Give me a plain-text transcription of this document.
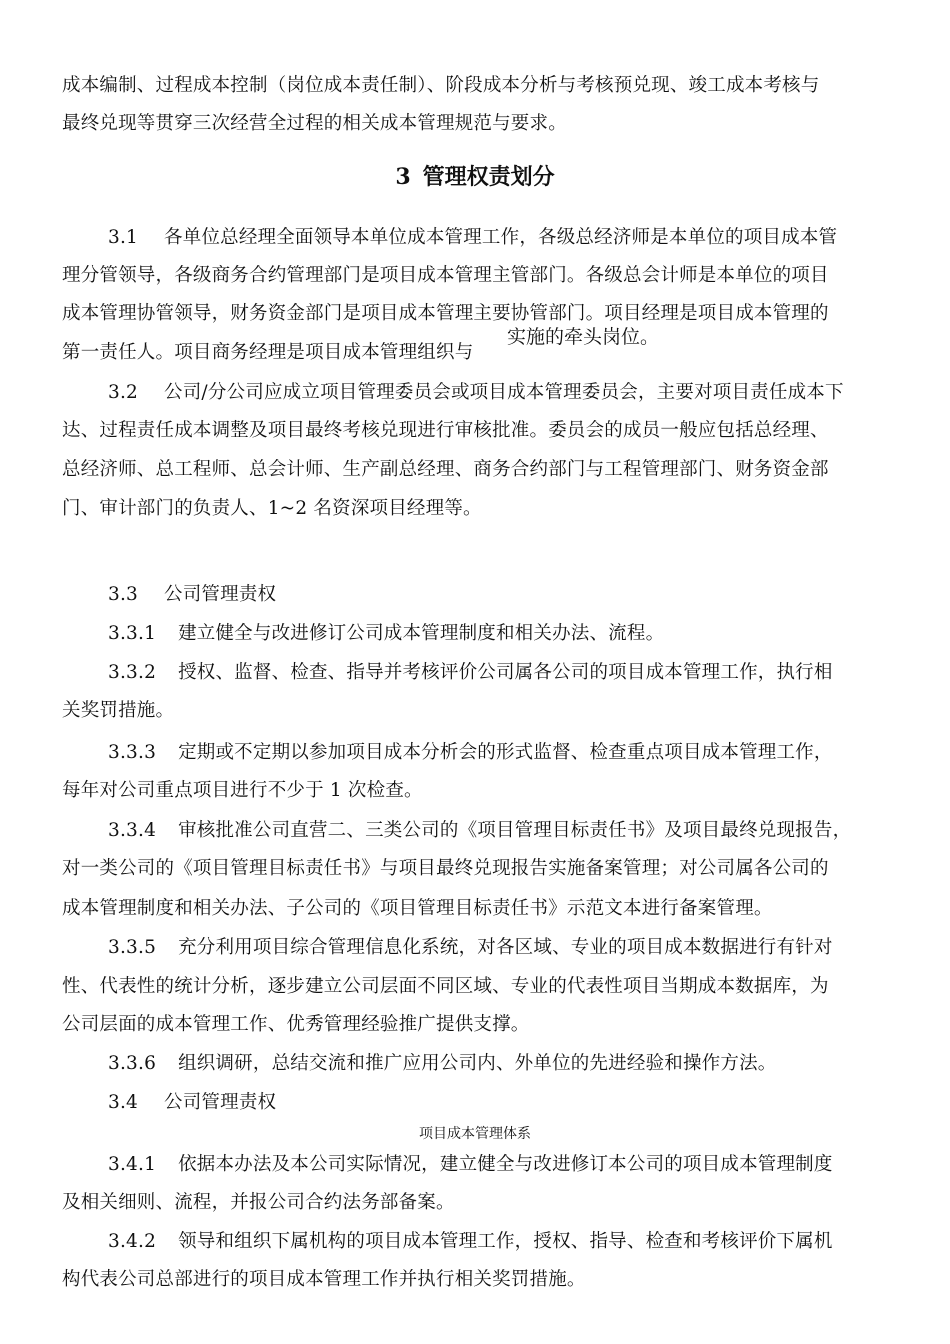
成本编制、过程成本控制（岗位成本责任制）、阶段成本分析与考核预兑现、竣工成本考核与
最终兑现等贯穿三次经营全过程的相关成本管理规范与要求。
3 管理权责划分
3.1 各单位总经理全面领导本单位成本管理工作，各级总经济师是本单位的项目成本管
理分管领导，各级商务合约管理部门是项目成本管理主管部门。各级总会计师是本单位的项目
成本管理协管领导，财务资金部门是项目成本管理主要协管部门。项目经理是项目成本管理的
第一责任人。项目商务经理是项目成本管理组织与
实施的牵头岗位。
3.2 公司/分公司应成立项目管理委员会或项目成本管理委员会，主要对项目责任成本下
达、过程责任成本调整及项目最终考核兑现进行审核批准。委员会的成员一般应包括总经理、
总经济师、总工程师、总会计师、生产副总经理、商务合约部门与工程管理部门、财务资金部
门、审计部门的负责人、1~2 名资深项目经理等。
3.3 公司管理责权
3.3.1 建立健全与改进修订公司成本管理制度和相关办法、流程。
3.3.2 授权、监督、检查、指导并考核评价公司属各公司的项目成本管理工作，执行相
关奖罚措施。
3.3.3 定期或不定期以参加项目成本分析会的形式监督、检查重点项目成本管理工作，
每年对公司重点项目进行不少于 1 次检查。
3.3.4 审核批准公司直营二、三类公司的《项目管理目标责任书》及项目最终兑现报告，
对一类公司的《项目管理目标责任书》与项目最终兑现报告实施备案管理；对公司属各公司的
成本管理制度和相关办法、子公司的《项目管理目标责任书》示范文本进行备案管理。
3.3.5 充分利用项目综合管理信息化系统，对各区域、专业的项目成本数据进行有针对
性、代表性的统计分析，逐步建立公司层面不同区域、专业的代表性项目当期成本数据库，为
公司层面的成本管理工作、优秀管理经验推广提供支撑。
3.3.6 组织调研，总结交流和推广应用公司内、外单位的先进经验和操作方法。
3.4 公司管理责权
项目成本管理体系
3.4.1 依据本办法及本公司实际情况，建立健全与改进修订本公司的项目成本管理制度
及相关细则、流程，并报公司合约法务部备案。
3.4.2 领导和组织下属机构的项目成本管理工作，授权、指导、检查和考核评价下属机
构代表公司总部进行的项目成本管理工作并执行相关奖罚措施。
